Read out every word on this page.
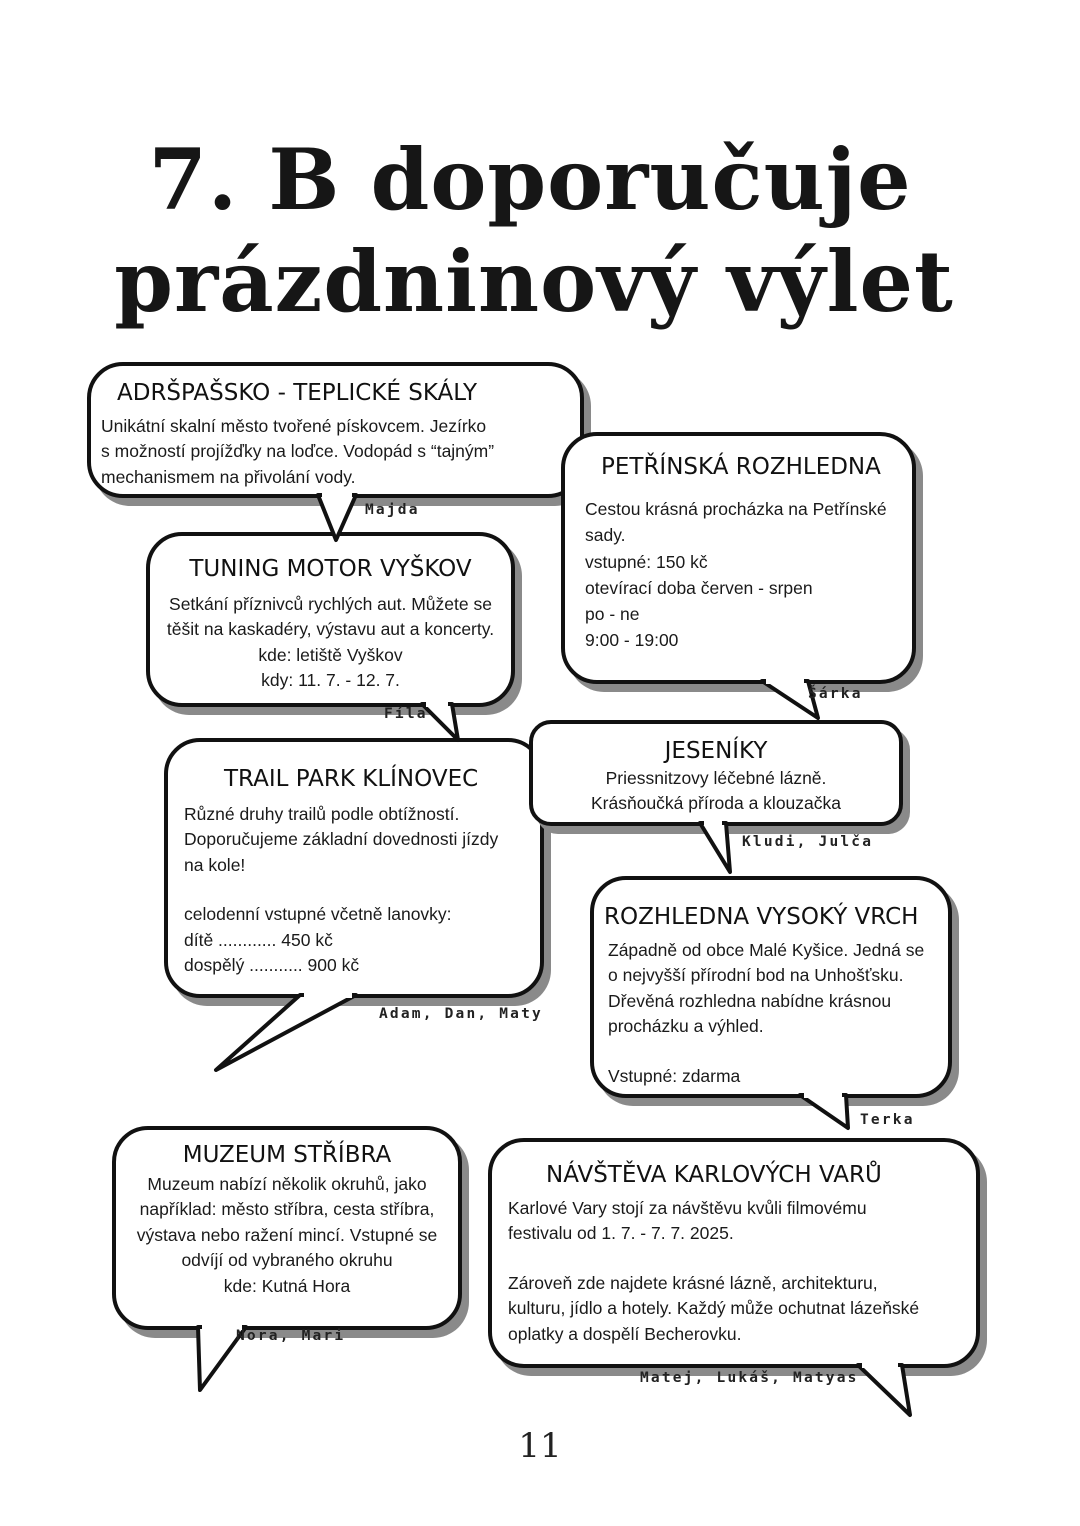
7. B doporučuje
prázdninový výlet
ADRŠPAŠSKO - TEPLICKÉ SKÁLY
Unikátní skalní město tvořené pískovcem. Jezírko
s možností projížďky na loďce. Vodopád s “tajným”
mechanismem na přivolání vody.	PETŘÍNSKÁ ROZHLEDNA
Cestou krásná procházka na Petřínské
sady.
vstupné: 150 kč
otevírací doba červen - srpen
po - ne
9:00 - 19:00
TUNING MOTOR VYŠKOV
Setkání příznivců rychlých aut. Můžete se
těšit na kaskadéry, výstavu aut a koncerty.
kde: letiště Vyškov
kdy: 11. 7. - 12. 7.
TRAIL PARK KLÍNOVEC
Různé druhy trailů podle obtížností.
Doporučujeme základní dovednosti jízdy
na kole!
celodenní vstupné včetně lanovky:
dítě ............ 450 kč
dospělý ........... 900 kč
JESENÍKY
Priessnitzovy léčebné lázně.
Krásňoučká příroda a klouzačka
ROZHLEDNA VYSOKÝ VRCH
Západně od obce Malé Kyšice. Jedná se
o nejvyšší přírodní bod na Unhošťsku.
Dřevěná rozhledna nabídne krásnou
procházku a výhled.
Vstupné: zdarma
MUZEUM STŘÍBRA
Muzeum nabízí několik okruhů, jako
například: město stříbra, cesta stříbra,
výstava nebo ražení mincí. Vstupné se
odvíjí od vybraného okruhu
kde: Kutná Hora
NÁVŠTĚVA KARLOVÝCH VARŮ
Karlové Vary stojí za návštěvu kvůli filmovému
festivalu od 1. 7. - 7. 7. 2025.
Zároveň zde najdete krásné lázně, architekturu,
kulturu, jídlo a hotely. Každý může ochutnat lázeňské
oplatky a dospělí Becherovku.
Majda
Fíla
Šárka
Adam, Dan, Maty
Kludi, Julča
Terka
Nora, Mari
Matej, Lukáš, Matyas
11
